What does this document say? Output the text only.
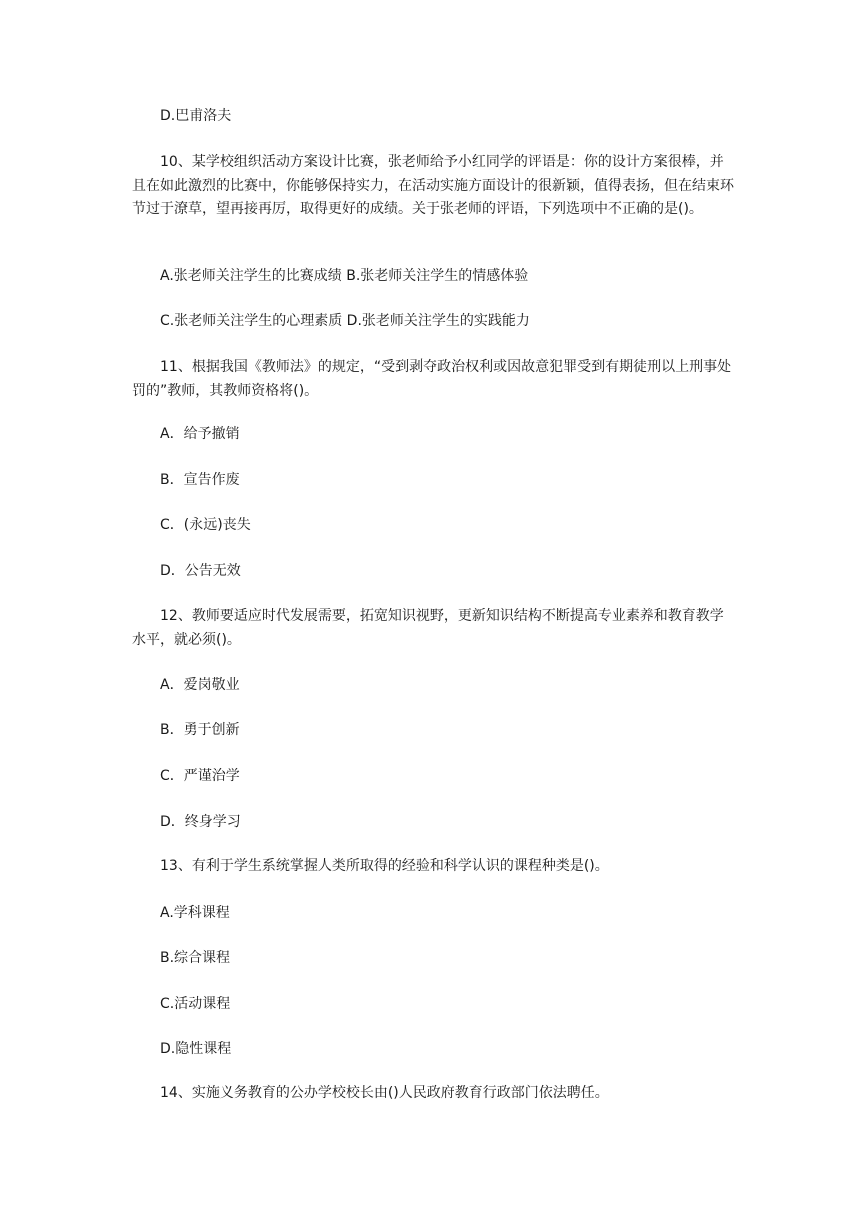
D.巴甫洛夫

10、某学校组织活动方案设计比赛，张老师给予小红同学的评语是：你的设计方案很棒，并且在如此激烈的比赛中，你能够保持实力，在活动实施方面设计的很新颖，值得表扬，但在结束环节过于潦草，望再接再厉，取得更好的成绩。关于张老师的评语，下列选项中不正确的是()。

A.张老师关注学生的比赛成绩 B.张老师关注学生的情感体验

C.张老师关注学生的心理素质 D.张老师关注学生的实践能力

11、根据我国《教师法》的规定，“受到剥夺政治权利或因故意犯罪受到有期徒刑以上刑事处罚的”教师，其教师资格将()。

A．给予撤销

B．宣告作废

C．(永远)丧失

D．公告无效

12、教师要适应时代发展需要，拓宽知识视野，更新知识结构不断提高专业素养和教育教学水平，就必须()。

A．爱岗敬业

B．勇于创新

C．严谨治学

D．终身学习

13、有利于学生系统掌握人类所取得的经验和科学认识的课程种类是()。

A.学科课程

B.综合课程

C.活动课程

D.隐性课程

14、实施义务教育的公办学校校长由()人民政府教育行政部门依法聘任。
